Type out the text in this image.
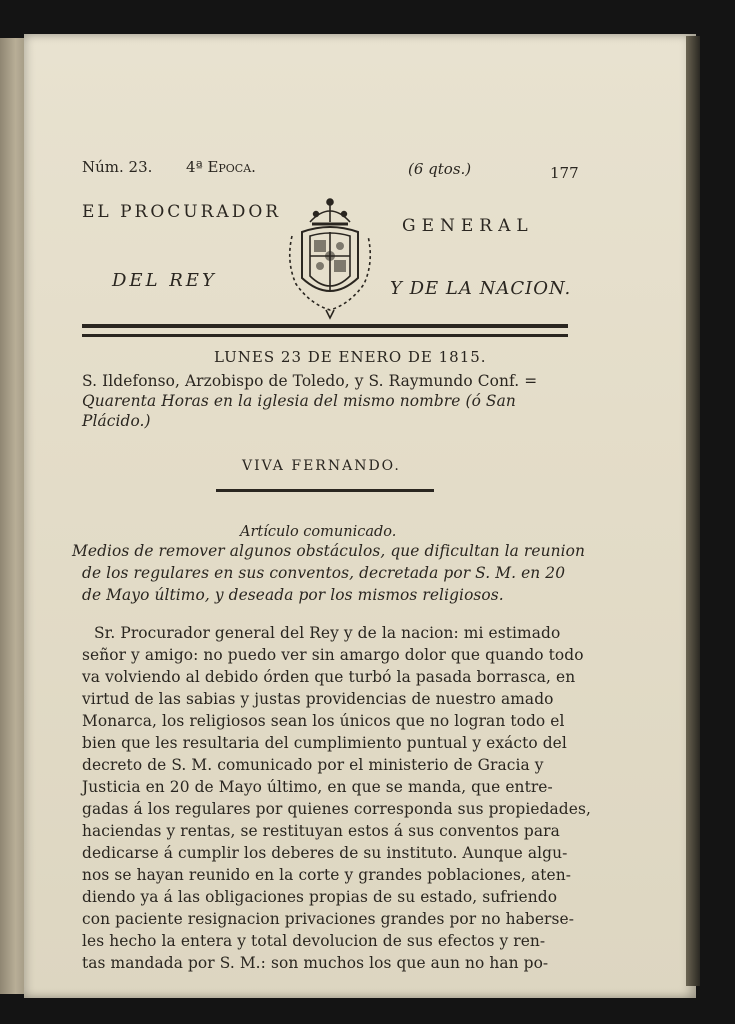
Núm. 23. 4ª Epoca.	(6 qtos.)	177
EL PROCURADOR
GENERAL
DEL REY	Y DE LA NACION.
LUNES 23 DE ENERO DE 1815.
S. Ildefonso, Arzobispo de Toledo, y S. Raymundo Conf. =
Quarenta Horas en la iglesia del mismo nombre (ó San
Plácido.)
VIVA FERNANDO.
Artículo comunicado.
Medios de remover algunos obstáculos, que dificultan la reunion
de los regulares en sus conventos, decretada por S. M. en 20
de Mayo último, y deseada por los mismos religiosos.
Sr. Procurador general del Rey y de la nacion: mi estimado
señor y amigo: no puedo ver sin amargo dolor que quando todo
va volviendo al debido órden que turbó la pasada borrasca, en
virtud de las sabias y justas providencias de nuestro amado
Monarca, los religiosos sean los únicos que no logran todo el
bien que les resultaria del cumplimiento puntual y exácto del
decreto de S. M. comunicado por el ministerio de Gracia y
Justicia en 20 de Mayo último, en que se manda, que entre-
gadas á los regulares por quienes corresponda sus propiedades,
haciendas y rentas, se restituyan estos á sus conventos para
dedicarse á cumplir los deberes de su instituto. Aunque algu-
nos se hayan reunido en la corte y grandes poblaciones, aten-
diendo ya á las obligaciones propias de su estado, sufriendo
con paciente resignacion privaciones grandes por no haberse-
les hecho la entera y total devolucion de sus efectos y ren-
tas mandada por S. M.: son muchos los que aun no han po-
